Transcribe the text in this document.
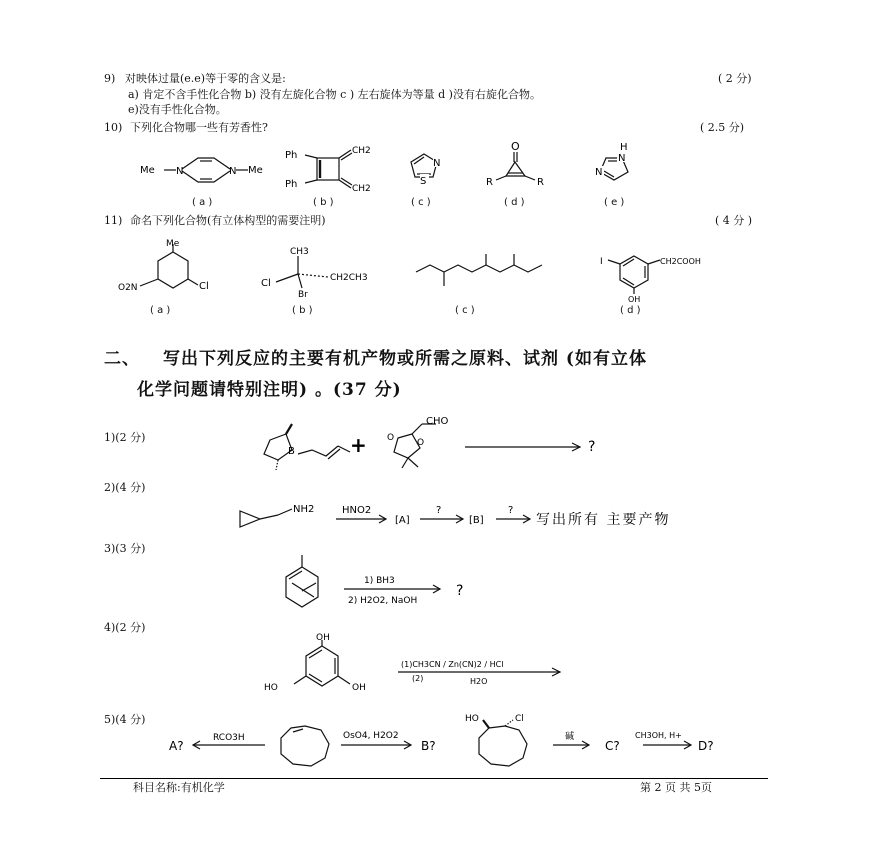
9) 对映体过量(e.e)等于零的含义是:	( 2 分)
a) 肯定不含手性化合物 b) 没有左旋化合物 c ) 左右旋体为等量 d )没有右旋化合物。
e)没有手性化合物。
10) 下列化合物哪一些有芳香性?	( 2.5 分)
Me N	N Me
Ph
Ph
CH2
CH2
N
S
O
R	R
N
H
N
( a )	( b )	( c )	( d )	( e )
11) 命名下列化合物(有立体构型的需要注明)	( 4 分 )
Me
O2N	Cl
CH3
Cl
Br
CH2CH3
I	CH2COOH
OH
( a )	( b )	( c )	( d )
二、 写出下列反应的主要有机产物或所需之原料、试剂 (如有立体
化学问题请特别注明) 。(37 分)
1)(2 分)
B	+
CHO
O	O	?
2)(4 分)
NH2	HNO2
[A]
?
[B]
?
写出所有 主要产物
3)(3 分)
1) BH3
2) H2O2, NaOH
?
4)(2 分)
OH
HO	OH
(1)CH3CN / Zn(CN)2 / HCl
(2)	H2O
5)(4 分)
RCO3H
A?
OsO4, H2O2
B?
HO	Cl
碱
C?
CH3OH, H+
D?
科目名称:有机化学	第 2 页 共 5页
